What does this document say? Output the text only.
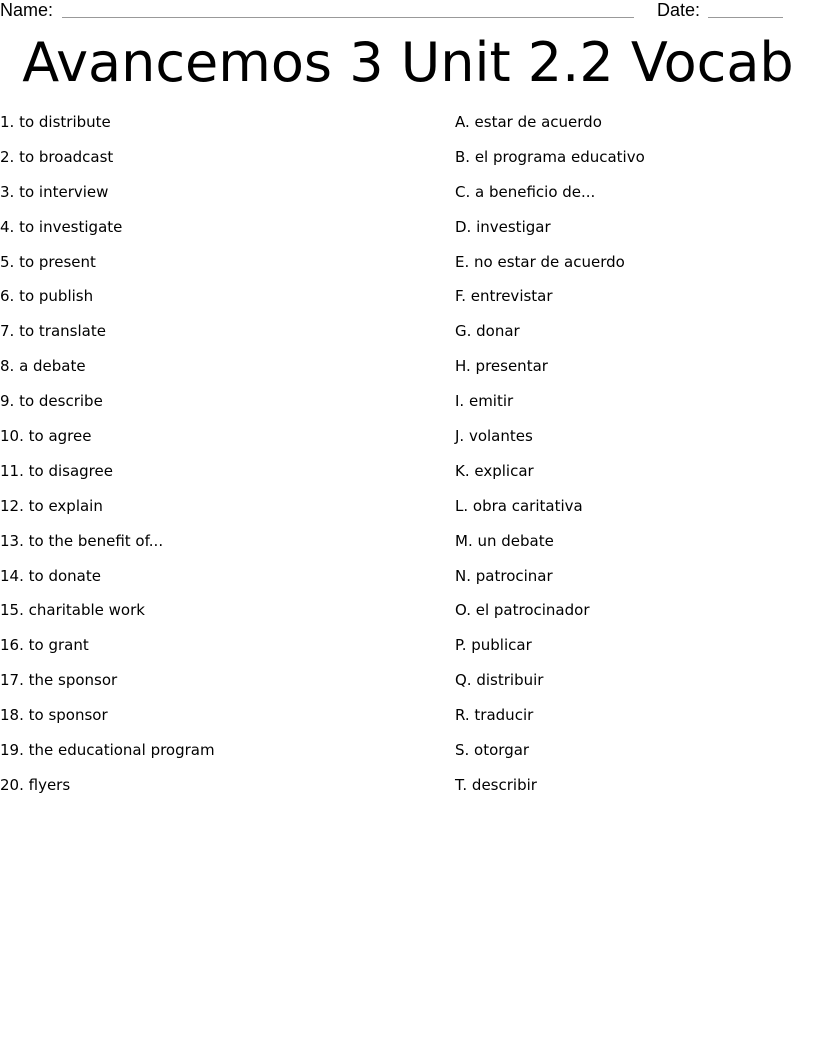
Name:	Date:
Avancemos 3 Unit 2.2 Vocab
1. to distribute
2. to broadcast
3. to interview
4. to investigate
5. to present
6. to publish
7. to translate
8. a debate
9. to describe
10. to agree
11. to disagree
12. to explain
13. to the benefit of...
14. to donate
15. charitable work
16. to grant
17. the sponsor
18. to sponsor
19. the educational program
20. flyers
A. estar de acuerdo
B. el programa educativo
C. a beneficio de...
D. investigar
E. no estar de acuerdo
F. entrevistar
G. donar
H. presentar
I. emitir
J. volantes
K. explicar
L. obra caritativa
M. un debate
N. patrocinar
O. el patrocinador
P. publicar
Q. distribuir
R. traducir
S. otorgar
T. describir
